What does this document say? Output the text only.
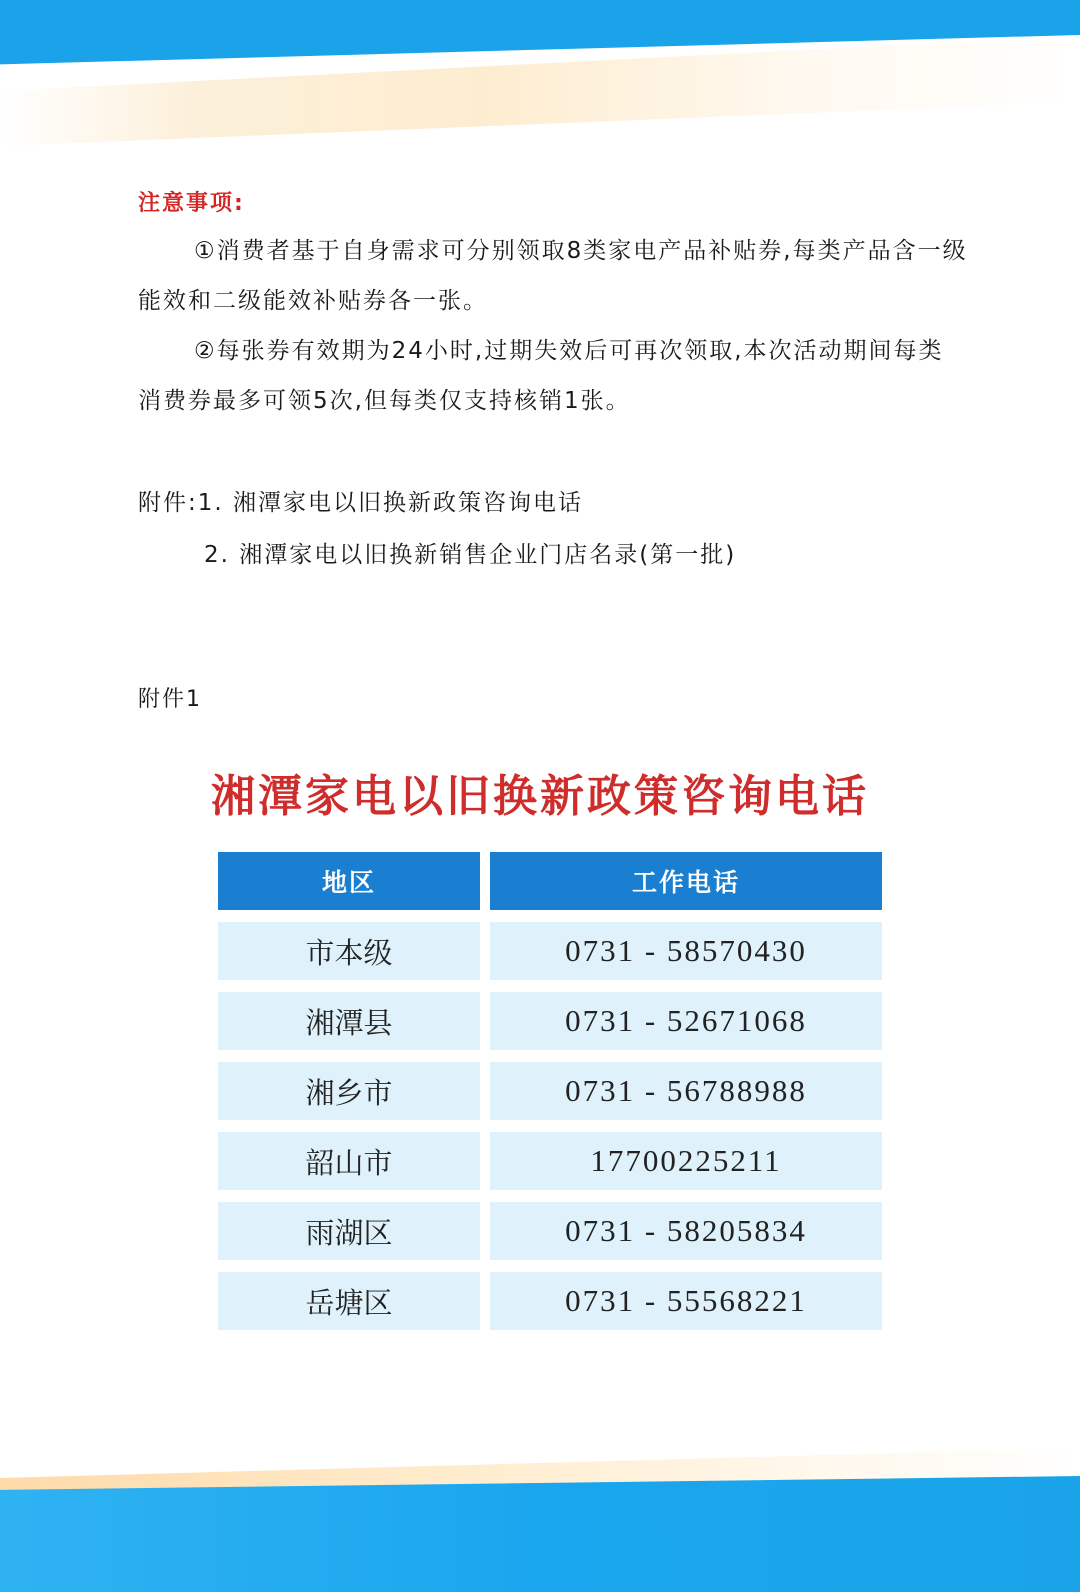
注意事项:
①消费者基于自身需求可分别领取8类家电产品补贴券,每类产品含一级能效和二级能效补贴券各一张。
②每张券有效期为24小时,过期失效后可再次领取,本次活动期间每类消费券最多可领5次,但每类仅支持核销1张。
附件:1. 湘潭家电以旧换新政策咨询电话
2. 湘潭家电以旧换新销售企业门店名录(第一批)
附件1
湘潭家电以旧换新政策咨询电话
地区	工作电话
市本级	0731 - 58570430
湘潭县	0731 - 52671068
湘乡市	0731 - 56788988
韶山市	17700225211
雨湖区	0731 - 58205834
岳塘区	0731 - 55568221
